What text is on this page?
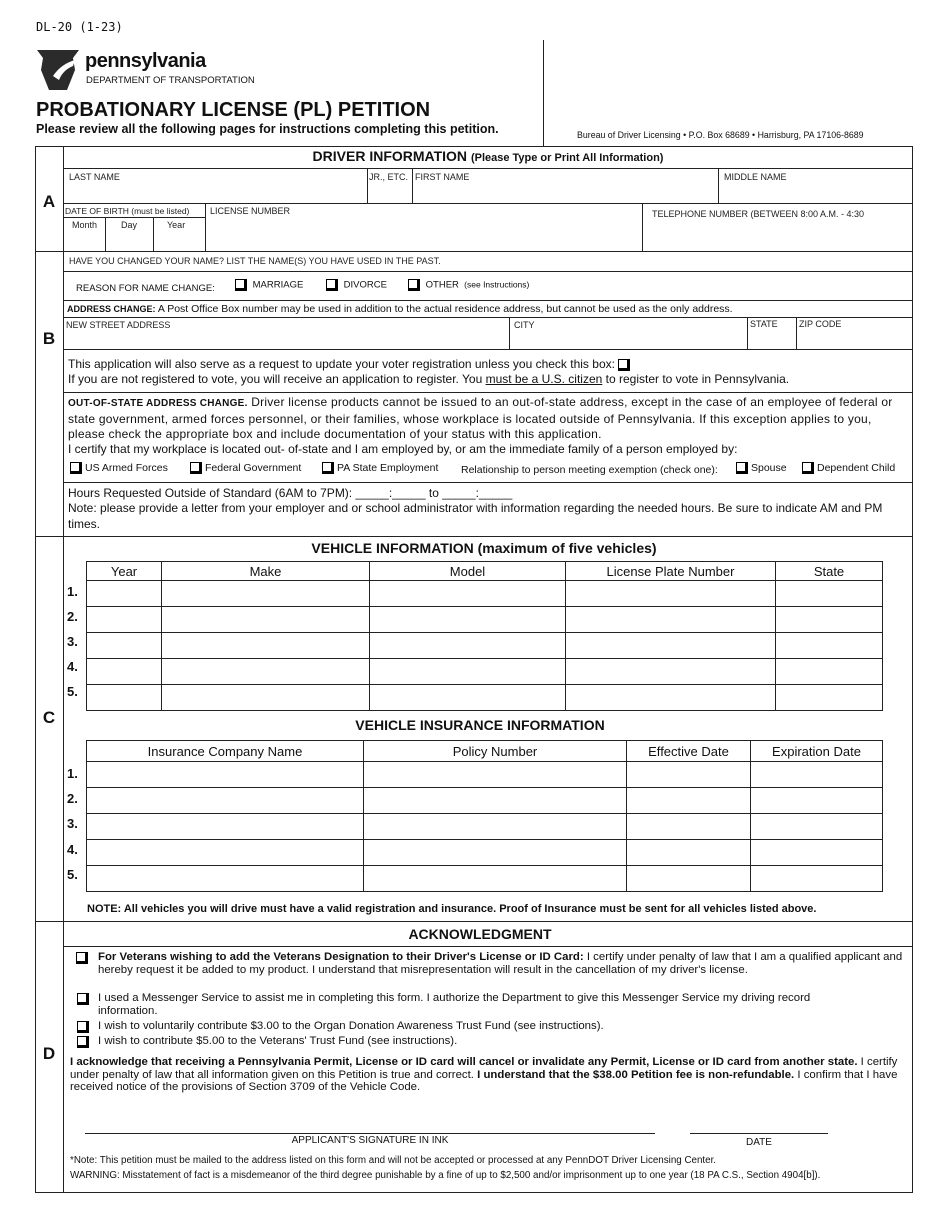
DL-20 (1-23)
pennsylvania
DEPARTMENT OF TRANSPORTATION
PROBATIONARY LICENSE (PL) PETITION
Please review all the following pages for instructions completing this petition.	Bureau of Driver Licensing • P.O. Box 68689 • Harrisburg, PA 17106-8689
A
B
C
D
DRIVER INFORMATION (Please Type or Print All Information)
LAST NAME	JR., ETC. FIRST NAME	MIDDLE NAME
DATE OF BIRTH (must be listed)
Month	Day	Year
LICENSE NUMBER	TELEPHONE NUMBER (BETWEEN 8:00 A.M. - 4:30
HAVE YOU CHANGED YOUR NAME? LIST THE NAME(S) YOU HAVE USED IN THE PAST.
REASON FOR NAME CHANGE:	MARRIAGE	DIVORCE	OTHER (see Instructions)
ADDRESS CHANGE: A Post Office Box number may be used in addition to the actual residence address, but cannot be used as the only address.
NEW STREET ADDRESS	CITY	STATE ZIP CODE
This application will also serve as a request to update your voter registration unless you check this box:
If you are not registered to vote, you will receive an application to register. You must be a U.S. citizen to register to vote in Pennsylvania.
OUT-OF-STATE ADDRESS CHANGE. Driver license products cannot be issued to an out-of-state address, except in the case of an employee of federal or state government, armed forces personnel, or their families, whose workplace is located outside of Pennsylvania. If this exception applies to you, please check the appropriate box and include documentation of your status with this application.
I certify that my workplace is located out- of-state and I am employed by, or am the immediate family of a person employed by:
US Armed Forces	Federal Government	PA State Employment Relationship to person meeting exemption (check one):	Spouse	Dependent Child
Hours Requested Outside of Standard (6AM to 7PM): _____:_____ to _____:_____
Note: please provide a letter from your employer and or school administrator with information regarding the needed hours. Be sure to indicate AM and PM times.
VEHICLE INFORMATION (maximum of five vehicles)
Year	Make	Model	License Plate Number	State

1.
2.
3.
4.
5.
VEHICLE INSURANCE INFORMATION
Insurance Company Name	Policy Number	Effective Date	Expiration Date

1.
2.
3.
4.
5.
NOTE: All vehicles you will drive must have a valid registration and insurance. Proof of Insurance must be sent for all vehicles listed above.
ACKNOWLEDGMENT
For Veterans wishing to add the Veterans Designation to their Driver's License or ID Card: I certify under penalty of law that I am a qualified applicant and hereby request it be added to my product. I understand that misrepresentation will result in the cancellation of my driver's license.
I used a Messenger Service to assist me in completing this form. I authorize the Department to give this Messenger Service my driving record information.
I wish to voluntarily contribute $3.00 to the Organ Donation Awareness Trust Fund (see instructions).
I wish to contribute $5.00 to the Veterans' Trust Fund (see instructions).
I acknowledge that receiving a Pennsylvania Permit, License or ID card will cancel or invalidate any Permit, License or ID card from another state. I certify under penalty of law that all information given on this Petition is true and correct. I understand that the $38.00 Petition fee is non-refundable. I confirm that I have received notice of the provisions of Section 3709 of the Vehicle Code.
APPLICANT'S SIGNATURE IN INK	DATE
*Note: This petition must be mailed to the address listed on this form and will not be accepted or processed at any PennDOT Driver Licensing Center.
WARNING: Misstatement of fact is a misdemeanor of the third degree punishable by a fine of up to $2,500 and/or imprisonment up to one year (18 PA C.S., Section 4904[b]).
